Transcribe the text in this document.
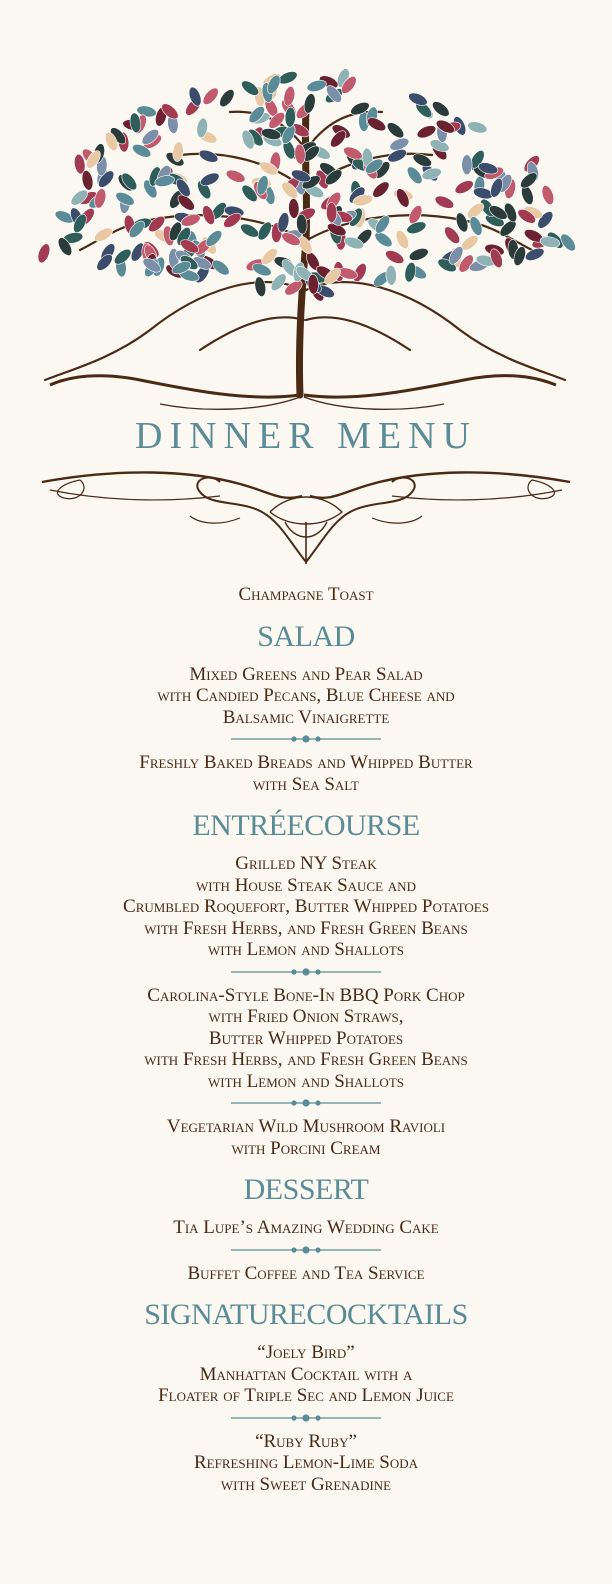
DINNER MENU
Champagne Toast
SALAD
Mixed Greens and Pear Salad
with Candied Pecans, Blue Cheese and
Balsamic Vinaigrette
Freshly Baked Breads and Whipped Butter
with Sea Salt
ENTRÉECOURSE
Grilled NY Steak
with House Steak Sauce and
Crumbled Roquefort, Butter Whipped Potatoes
with Fresh Herbs, and Fresh Green Beans
with Lemon and Shallots
Carolina-Style Bone-In BBQ Pork Chop
with Fried Onion Straws,
Butter Whipped Potatoes
with Fresh Herbs, and Fresh Green Beans
with Lemon and Shallots
Vegetarian Wild Mushroom Ravioli
with Porcini Cream
DESSERT
Tia Lupe’s Amazing Wedding Cake
Buffet Coffee and Tea Service
SIGNATURECOCKTAILS
“Joely Bird”
Manhattan Cocktail with a
Floater of Triple Sec and Lemon Juice
“Ruby Ruby”
Refreshing Lemon-Lime Soda
with Sweet Grenadine
